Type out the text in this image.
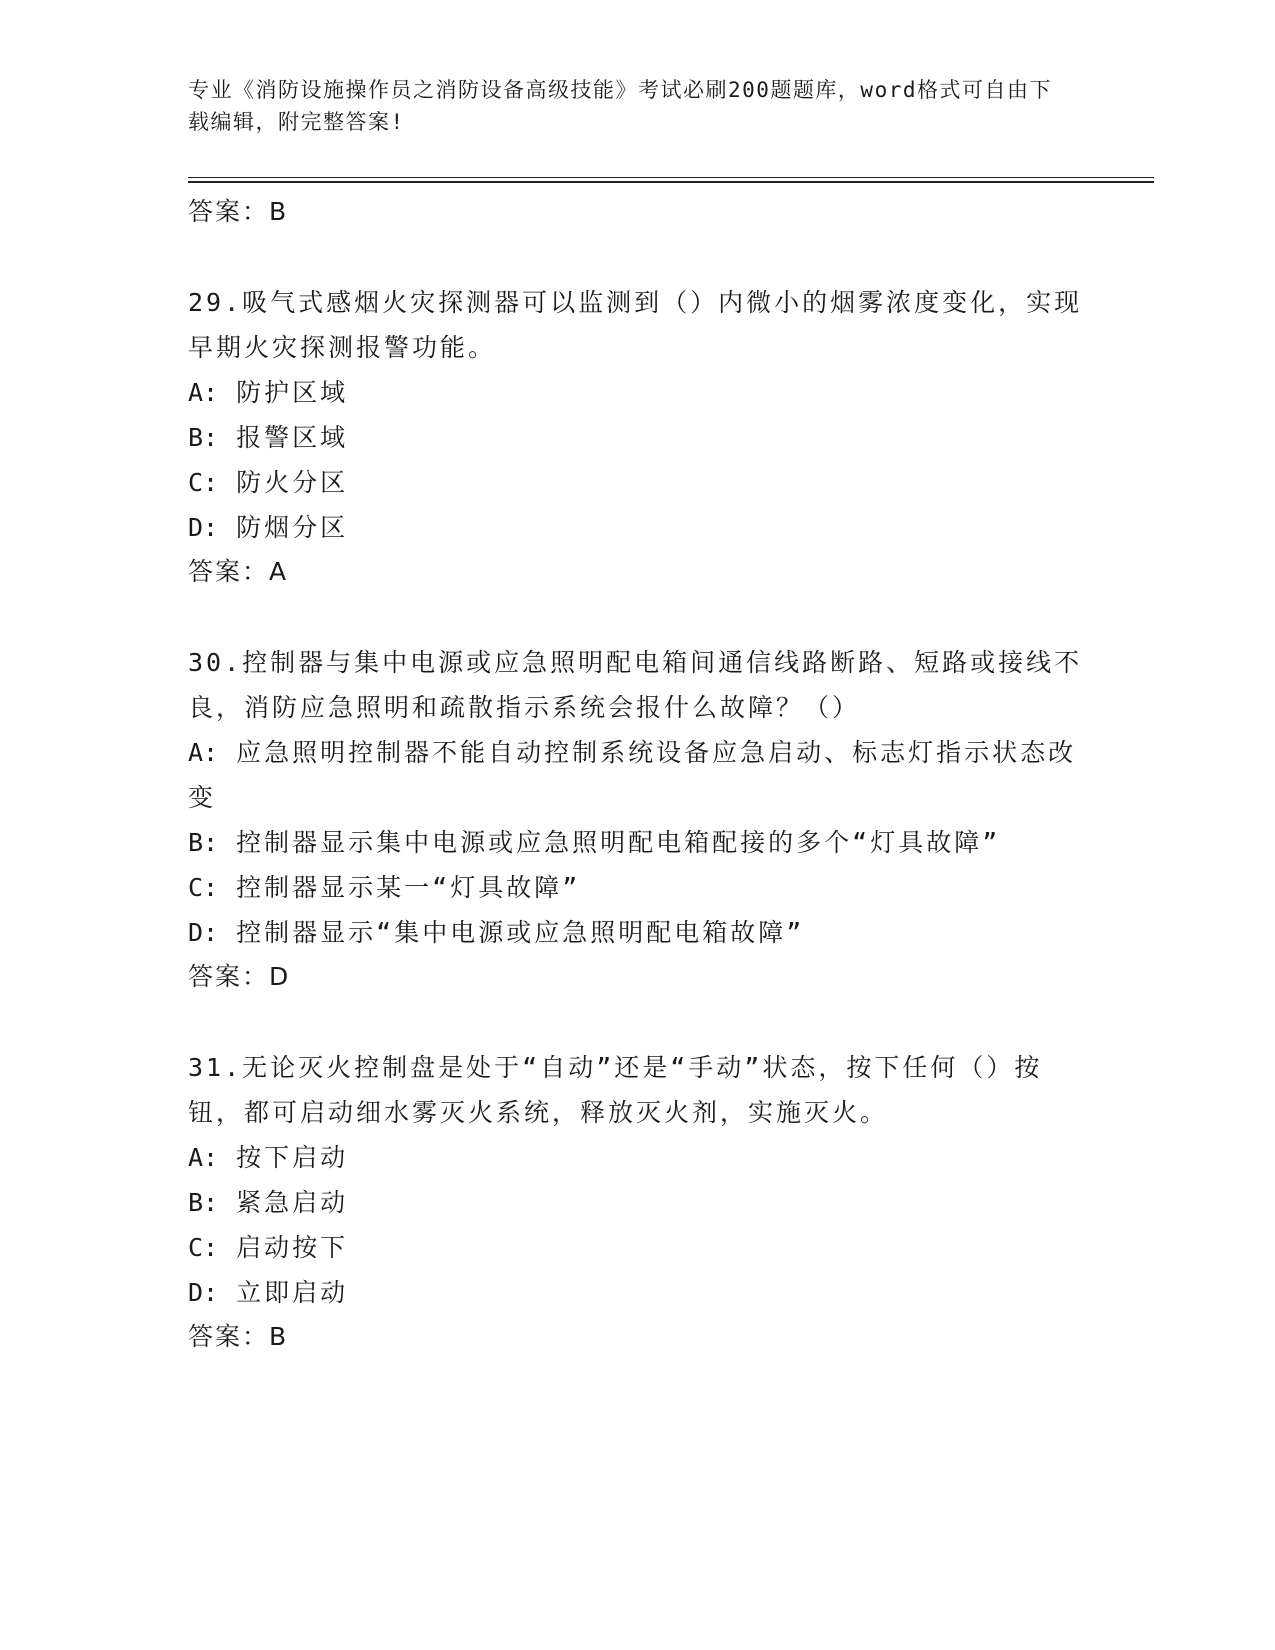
专业《消防设施操作员之消防设备高级技能》考试必刷200题题库，word格式可自由下载编辑，附完整答案!
答案：B
29.吸气式感烟火灾探测器可以监测到（）内微小的烟雾浓度变化，实现早期火灾探测报警功能。
A: 防护区域
B: 报警区域
C: 防火分区
D: 防烟分区
答案：A
30.控制器与集中电源或应急照明配电箱间通信线路断路、短路或接线不良，消防应急照明和疏散指示系统会报什么故障？（）
A: 应急照明控制器不能自动控制系统设备应急启动、标志灯指示状态改变
B: 控制器显示集中电源或应急照明配电箱配接的多个“灯具故障”
C: 控制器显示某一“灯具故障”
D: 控制器显示“集中电源或应急照明配电箱故障”
答案：D
31.无论灭火控制盘是处于“自动”还是“手动”状态，按下任何（）按钮，都可启动细水雾灭火系统，释放灭火剂，实施灭火。
A: 按下启动
B: 紧急启动
C: 启动按下
D: 立即启动
答案：B
